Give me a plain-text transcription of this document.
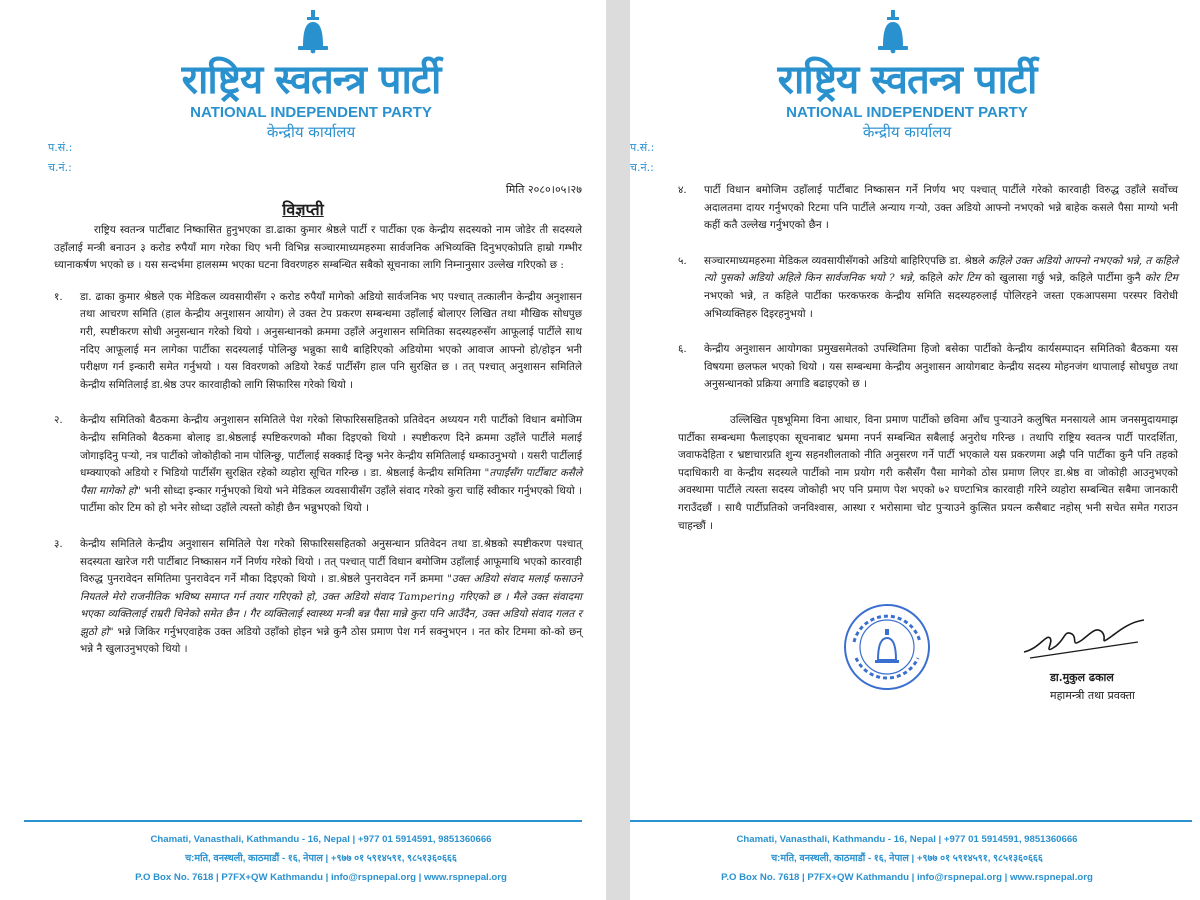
राष्ट्रिय स्वतन्त्र पार्टी
NATIONAL INDEPENDENT PARTY
केन्द्रीय कार्यालय
प.सं.:
च.नं.:
मिति २०८०।०५।२७
विज्ञप्ती

राष्ट्रिय स्वतन्त्र पार्टीबाट निष्कासित हुनुभएका डा.ढाका कुमार श्रेष्ठले पार्टी र पार्टीका एक केन्द्रीय सदस्यको नाम जोडेर ती सदस्यले उहाँलाई मन्त्री बनाउन ३ करोड रुपैयाँ माग गरेका थिए भनी विभिन्न सञ्चारमाध्यमहरुमा सार्वजनिक अभिव्यक्ति दिनुभएकोप्रति हाम्रो गम्भीर ध्यानाकर्षण भएको छ । यस सन्दर्भमा हालसम्म भएका घटना विवरणहरु सम्बन्धित सबैको सूचनाका लागि निम्नानुसार उल्लेख गरिएको छ :

१.	डा. ढाका कुमार श्रेष्ठले एक मेडिकल व्यवसायीसँग २ करोड रुपैयाँ मागेको अडियो सार्वजनिक भए पश्चात् तत्कालीन केन्द्रीय अनुशासन तथा आचरण समिति (हाल केन्द्रीय अनुशासन आयोग) ले उक्त टेप प्रकरण सम्बन्धमा उहाँलाई बोलाएर लिखित तथा मौखिक सोधपुछ गरी, स्पष्टीकरण सोधी अनुसन्धान गरेको थियो । अनुसन्धानको क्रममा उहाँले अनुशासन समितिका सदस्यहरुसँग आफूलाई पार्टीले साथ नदिए आफूलाई मन लागेका पार्टीका सदस्यलाई पोलिन्छु भन्नुका साथै बाहिरिएको अडियोमा भएको आवाज आफ्नो हो/होइन भनी परीक्षण गर्न इन्कारी समेत गर्नुभयो । यस विवरणको अडियो रेकर्ड पार्टीसँग हाल पनि सुरक्षित छ । तत् पश्चात् अनुशासन समितिले केन्द्रीय समितिलाई डा.श्रेष्ठ उपर कारवाहीको लागि सिफारिस गरेको थियो ।

२.	केन्द्रीय समितिको बैठकमा केन्द्रीय अनुशासन समितिले पेश गरेको सिफारिससहितको प्रतिवेदन अध्ययन गरी पार्टीको विधान बमोजिम केन्द्रीय समितिको बैठकमा बोलाइ डा.श्रेष्ठलाई स्पष्टिकरणको मौका दिइएको थियो । स्पष्टीकरण दिने क्रममा उहाँले पार्टीले मलाई जोगाइदिनु पऱ्यो, नत्र पार्टीको जोकोहीको नाम पोलिन्छु, पार्टीलाई सक्काई दिन्छु भनेर केन्द्रीय समितिलाई धम्काउनुभयो । यसरी पार्टीलाई धम्क्याएको अडियो र भिडियो पार्टीसँग सुरक्षित रहेको व्यहोरा सूचित गरिन्छ । डा. श्रेष्ठलाई केन्द्रीय समितिमा "तपाईंसँग पार्टीबाट कसैले पैसा मागेको हो" भनी सोध्दा इन्कार गर्नुभएको थियो भने मेडिकल व्यवसायीसँग उहाँले संवाद गरेको कुरा चाहिं स्वीकार गर्नुभएको थियो । पार्टीमा कोर टिम को हो भनेर सोध्दा उहाँले त्यस्तो कोही छैन भन्नुभएको थियो ।

३.	केन्द्रीय समितिले केन्द्रीय अनुशासन समितिले पेश गरेको सिफारिससहितको अनुसन्धान प्रतिवेदन तथा डा.श्रेष्ठको स्पष्टीकरण पश्चात् सदस्यता खारेज गरी पार्टीबाट निष्कासन गर्ने निर्णय गरेको थियो । तत् पश्चात् पार्टी विधान बमोजिम उहाँलाई आफूमाथि भएको कारवाही विरुद्ध पुनरावेदन समितिमा पुनरावेदन गर्ने मौका दिइएको थियो । डा.श्रेष्ठले पुनरावेदन गर्ने क्रममा "उक्त अडियो संवाद मलाई फसाउने नियतले मेरो राजनीतिक भविष्य समाप्त गर्न तयार गरिएको हो, उक्त अडियो संवाद Tampering गरिएको छ । मैले उक्त संवादमा भएका व्यक्तिलाई राम्ररी चिनेको समेत छैन । गैर व्यक्तिलाई स्वास्थ्य मन्त्री बन्न पैसा मान्ने कुरा पनि आउँदैन, उक्त अडियो संवाद गलत र झुठो हो" भन्ने जिकिर गर्नुभएवाहेक उक्त अडियो उहाँको होइन भन्ने कुनै ठोस प्रमाण पेश गर्न सक्नुभएन । नत कोर टिममा को-को छन् भन्ने नै खुलाउनुभएको थियो ।

Chamati, Vanasthali, Kathmandu - 16, Nepal | +977 01 5914591, 9851360666
च:मति, वनस्थली, काठमाडौं - १६, नेपाल | +९७७ ०१ ५९१४५९१, ९८५१३६०६६६
P.O Box No. 7618 | P7FX+QW Kathmandu | info@rspnepal.org | www.rspnepal.org
राष्ट्रिय स्वतन्त्र पार्टी
NATIONAL INDEPENDENT PARTY
केन्द्रीय कार्यालय
प.सं.:
च.नं.:

४.	पार्टी विधान बमोजिम उहाँलाई पार्टीबाट निष्कासन गर्ने निर्णय भए पश्चात् पार्टीले गरेको कारवाही विरुद्ध उहाँले सर्वोच्च अदालतमा दायर गर्नुभएको रिटमा पनि पार्टीले अन्याय गऱ्यो, उक्त अडियो आफ्नो नभएको भन्ने बाहेक कसले पैसा माग्यो भनी कहीं कतै उल्लेख गर्नुभएको छैन ।

५.	सञ्चारमाध्यमहरुमा मेडिकल व्यवसायीसँगको अडियो बाहिरिएपछि डा. श्रेष्ठले कहिले उक्त अडियो आफ्नो नभएको भन्ने, त कहिले त्यो पुसको अडियो अहिले किन सार्वजनिक भयो ? भन्ने, कहिले कोर टिम को खुलासा गर्छु भन्ने, कहिले पार्टीमा कुनै कोर टिम नभएको भन्ने, त कहिले पार्टीका फरकफरक केन्द्रीय समिति सदस्यहरुलाई पोलिरहने जस्ता एकआपसमा परस्पर विरोधी अभिव्यक्तिहरु दिइरहनुभयो ।

६.	केन्द्रीय अनुशासन आयोगका प्रमुखसमेतको उपस्थितिमा हिजो बसेका पार्टीको केन्द्रीय कार्यसम्पादन समितिको बैठकमा यस विषयमा छलफल भएको थियो । यस सम्बन्धमा केन्द्रीय अनुशासन आयोगबाट केन्द्रीय सदस्य मोहनजंग थापालाई सोधपुछ तथा अनुसन्धानको प्रक्रिया अगाडि बढाइएको छ ।

उल्लिखित पृष्ठभूमिमा विना आधार, विना प्रमाण पार्टीको छविमा आँच पुऱ्याउने कलुषित मनसायले आम जनसमुदायमाझ पार्टीका सम्बन्धमा फैलाइएका सूचनाबाट भ्रममा नपर्न सम्बन्धित सबैलाई अनुरोध गरिन्छ । तथापि राष्ट्रिय स्वतन्त्र पार्टी पारदर्शिता, जवाफदेहिता र भ्रष्टाचारप्रति शुन्य सहनशीलताको नीति अनुसरण गर्ने पार्टी भएकाले यस प्रकरणमा अझै पनि पार्टीका कुनै पनि तहको पदाधिकारी वा केन्द्रीय सदस्यले पार्टीको नाम प्रयोग गरी कसैसँग पैसा मागेको ठोस प्रमाण लिएर डा.श्रेष्ठ वा जोकोही आउनुभएको अवस्थामा पार्टीले त्यस्ता सदस्य जोकोही भए पनि प्रमाण पेश भएको ७२ घण्टाभित्र कारवाही गरिने व्यहोरा सम्बन्धित सबैमा जानकारी गराउँदछौं । साथै पार्टीप्रतिको जनविश्वास, आस्था र भरोसामा चोट पुऱ्याउने कुत्सित प्रयत्न कसैबाट नहोस् भनी सचेत समेत गराउन चाहन्छौं ।

डा.मुकुल ढकाल
महामन्त्री तथा प्रवक्ता
Chamati, Vanasthali, Kathmandu - 16, Nepal | +977 01 5914591, 9851360666
च:मति, वनस्थली, काठमाडौं - १६, नेपाल | +९७७ ०१ ५९१४५९१, ९८५१३६०६६६
P.O Box No. 7618 | P7FX+QW Kathmandu | info@rspnepal.org | www.rspnepal.org
